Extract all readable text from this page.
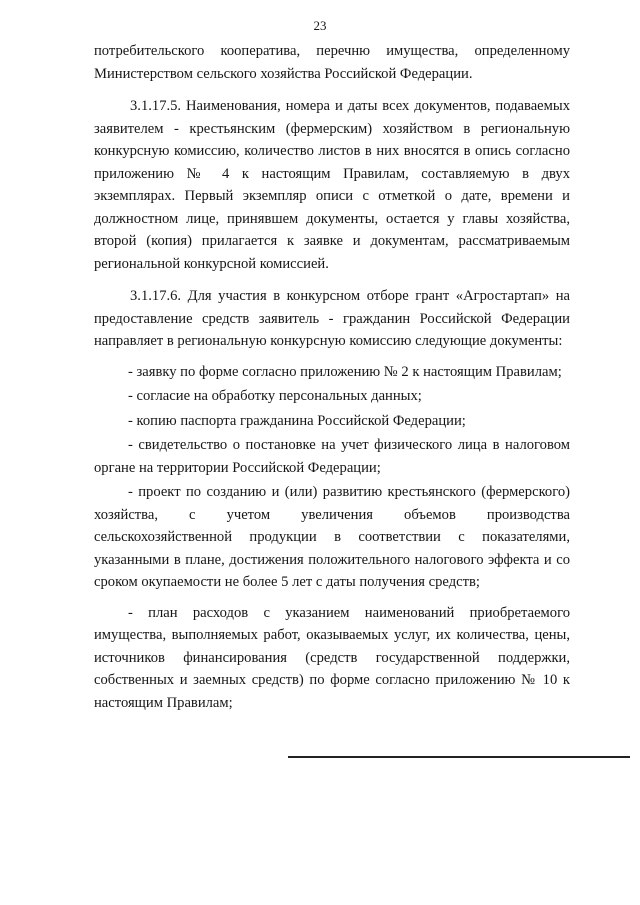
23

потребительского кооператива, перечню имущества, определенному Министерством сельского хозяйства Российской Федерации.

3.1.17.5. Наименования, номера и даты всех документов, подаваемых заявителем - крестьянским (фермерским) хозяйством в региональную конкурсную комиссию, количество листов в них вносятся в опись согласно приложению № 4 к настоящим Правилам, составляемую в двух экземплярах. Первый экземпляр описи с отметкой о дате, времени и должностном лице, принявшем документы, остается у главы хозяйства, второй (копия) прилагается к заявке и документам, рассматриваемым региональной конкурсной комиссией.

3.1.17.6. Для участия в конкурсном отборе грант «Агростартап» на предоставление средств заявитель - гражданин Российской Федерации направляет в региональную конкурсную комиссию следующие документы:

- заявку по форме согласно приложению № 2 к настоящим Правилам;

- согласие на обработку персональных данных;

- копию паспорта гражданина Российской Федерации;

- свидетельство о постановке на учет физического лица в налоговом органе на территории Российской Федерации;

- проект по созданию и (или) развитию крестьянского (фермерского) хозяйства, с учетом увеличения объемов производства сельскохозяйственной продукции в соответствии с показателями, указанными в плане, достижения положительного налогового эффекта и со сроком окупаемости не более 5 лет с даты получения средств;

- план расходов с указанием наименований приобретаемого имущества, выполняемых работ, оказываемых услуг, их количества, цены, источников финансирования (средств государственной поддержки, собственных и заемных средств) по форме согласно приложению № 10 к настоящим Правилам;
